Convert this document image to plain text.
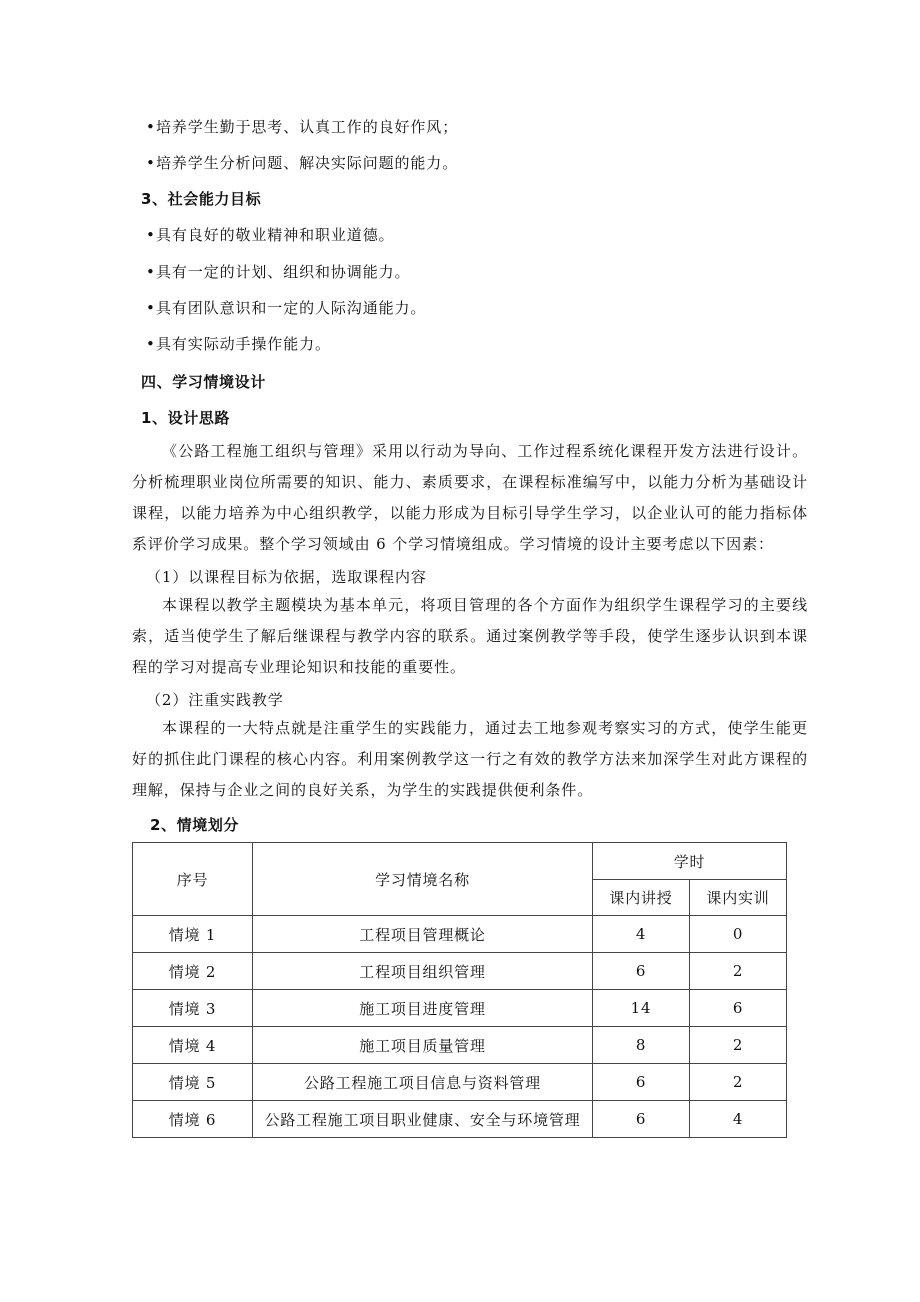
•培养学生勤于思考、认真工作的良好作风；
•培养学生分析问题、解决实际问题的能力。
3、社会能力目标
•具有良好的敬业精神和职业道德。
•具有一定的计划、组织和协调能力。
•具有团队意识和一定的人际沟通能力。
•具有实际动手操作能力。
四、学习情境设计
1、设计思路
《公路工程施工组织与管理》采用以行动为导向、工作过程系统化课程开发方法进行设计。分析梳理职业岗位所需要的知识、能力、素质要求，在课程标准编写中，以能力分析为基础设计课程，以能力培养为中心组织教学，以能力形成为目标引导学生学习，以企业认可的能力指标体系评价学习成果。整个学习领域由 6 个学习情境组成。学习情境的设计主要考虑以下因素：
（1）以课程目标为依据，选取课程内容
本课程以教学主题模块为基本单元，将项目管理的各个方面作为组织学生课程学习的主要线索，适当使学生了解后继课程与教学内容的联系。通过案例教学等手段，使学生逐步认识到本课程的学习对提高专业理论知识和技能的重要性。
（2）注重实践教学
本课程的一大特点就是注重学生的实践能力，通过去工地参观考察实习的方式，使学生能更好的抓住此门课程的核心内容。利用案例教学这一行之有效的教学方法来加深学生对此方课程的理解，保持与企业之间的良好关系，为学生的实践提供便利条件。
2、情境划分
序号	学习情境名称	学时	
		课内讲授	课内实训
情境 1	工程项目管理概论	4	0
情境 2	工程项目组织管理	6	2
情境 3	施工项目进度管理	14	6
情境 4	施工项目质量管理	8	2
情境 5	公路工程施工项目信息与资料管理	6	2
情境 6	公路工程施工项目职业健康、安全与环境管理	6	4
